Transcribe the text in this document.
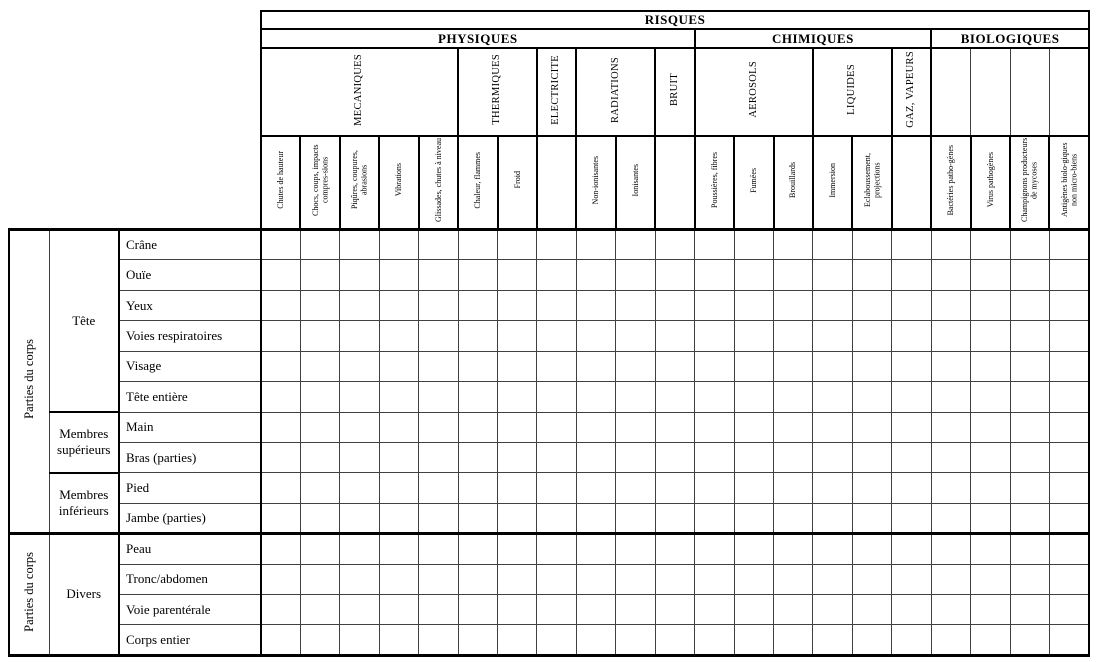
			RISQUES																				
			PHYSIQUES											CHIMIQUES						BIOLOGIQUES			
			MECANIQUES					THERMIQUES		ELECTRICITE	RADIATIONS		BRUIT	AEROSOLS			LIQUIDES		GAZ, VAPEURS				
			Chutes de hauteur	Chocs, coups, impacts compres-sions	Piqûres, coupures, abrasions	Vibrations	Glissades, chutes à niveau	Chaleur, flammes	Froid		Non-ionisantes	Ionisantes		Poussières, fibres	Fumées	Brouillards	Immersion	Eclaboussement, projections		Bactéries patho-gènes	Virus pathogènes	Champignons producteurs de mycoses	Antigènes biolo-giques non micro-biens
Parties du corps	Tête	Crâne																					
		Ouïe																					
		Yeux																					
		Voies respiratoires																					
		Visage																					
		Tête entière																					
	Membres supérieurs	Main																					
		Bras (parties)																					
	Membres inférieurs	Pied																					
		Jambe (parties)																					
Parties du corps	Divers	Peau																					
		Tronc/abdomen																					
		Voie parentérale																					
		Corps entier																					
